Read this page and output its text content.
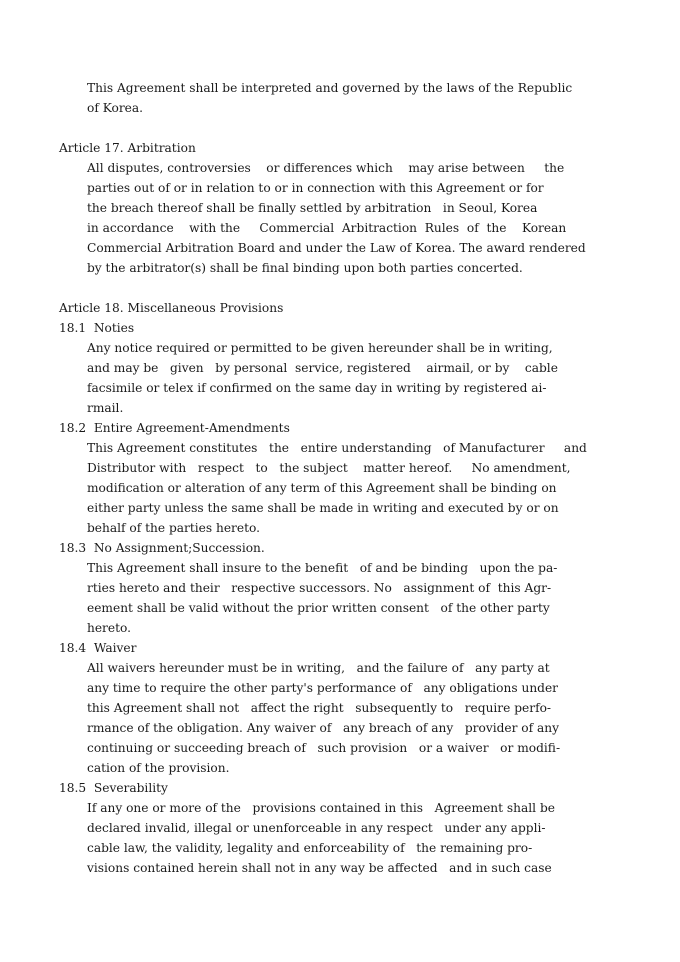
This Agreement shall be interpreted and governed by the laws of the Republic
of Korea.
Article 17. Arbitration
All disputes, controversies    or differences which    may arise between     the
parties out of or in relation to or in connection with this Agreement or for
the breach thereof shall be finally settled by arbitration   in Seoul, Korea
in accordance    with the     Commercial  Arbitraction  Rules  of  the    Korean
Commercial Arbitration Board and under the Law of Korea. The award rendered
by the arbitrator(s) shall be final binding upon both parties concerted.
Article 18. Miscellaneous Provisions
18.1  Noties
Any notice required or permitted to be given hereunder shall be in writing,
and may be   given   by personal  service, registered    airmail, or by    cable
facsimile or telex if confirmed on the same day in writing by registered ai-
rmail.
18.2  Entire Agreement-Amendments
This Agreement constitutes   the   entire understanding   of Manufacturer     and
Distributor with   respect   to   the subject    matter hereof.     No amendment,
modification or alteration of any term of this Agreement shall be binding on
either party unless the same shall be made in writing and executed by or on
behalf of the parties hereto.
18.3  No Assignment;Succession.
This Agreement shall insure to the benefit   of and be binding   upon the pa-
rties hereto and their   respective successors. No   assignment of  this Agr-
eement shall be valid without the prior written consent   of the other party
hereto.
18.4  Waiver
All waivers hereunder must be in writing,   and the failure of   any party at
any time to require the other party's performance of   any obligations under
this Agreement shall not   affect the right   subsequently to   require perfo-
rmance of the obligation. Any waiver of   any breach of any   provider of any
continuing or succeeding breach of   such provision   or a waiver   or modifi-
cation of the provision.
18.5  Severability
If any one or more of the   provisions contained in this   Agreement shall be
declared invalid, illegal or unenforceable in any respect   under any appli-
cable law, the validity, legality and enforceability of   the remaining pro-
visions contained herein shall not in any way be affected   and in such case
